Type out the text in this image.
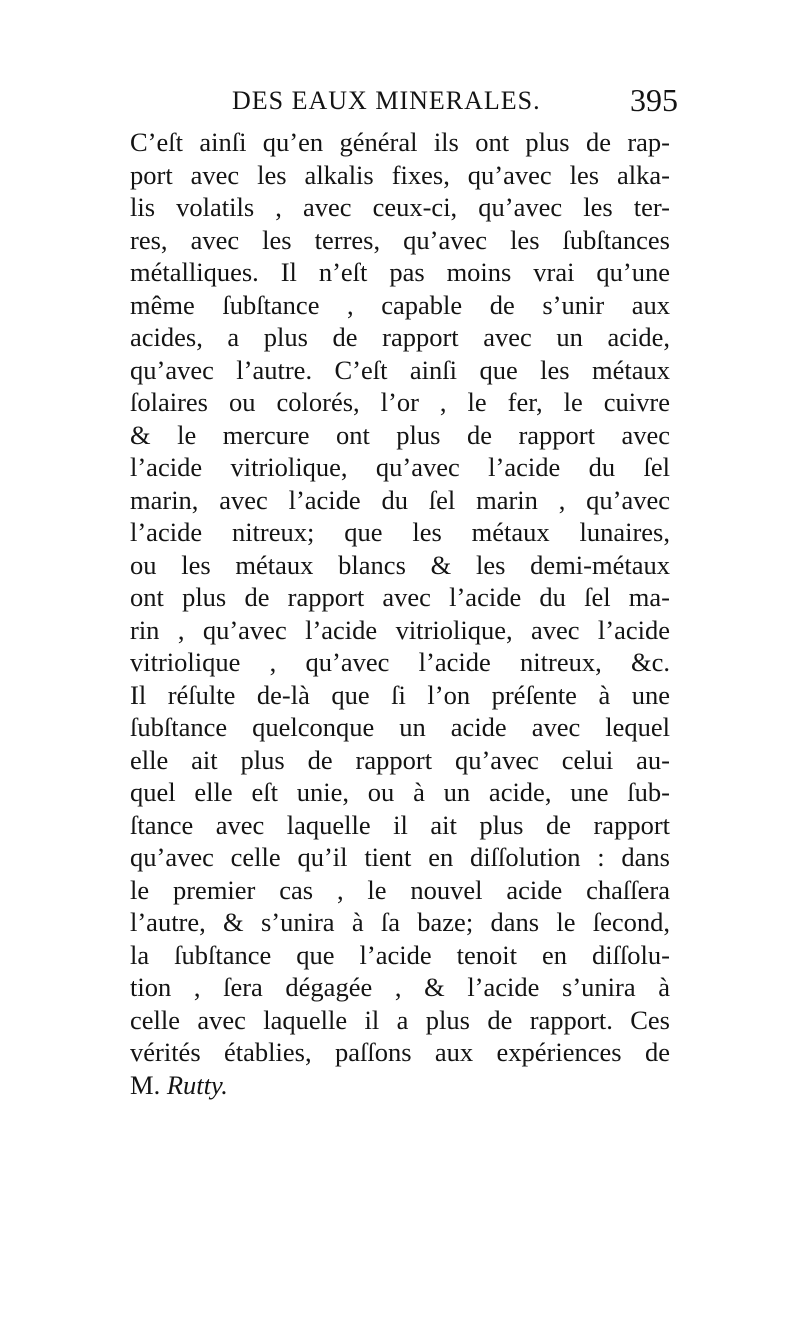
DES EAUX MINERALES.	395
C’eſt ainſi qu’en général ils ont plus de rap-
port avec les alkalis fixes, qu’avec les alka-
lis volatils , avec ceux-ci, qu’avec les ter-
res, avec les terres, qu’avec les ſubſtances
métalliques. Il n’eſt pas moins vrai qu’une
même ſubſtance , capable de s’unir aux
acides, a plus de rapport avec un acide,
qu’avec l’autre. C’eſt ainſi que les métaux
ſolaires ou colorés, l’or , le fer, le cuivre
& le mercure ont plus de rapport avec
l’acide vitriolique, qu’avec l’acide du ſel
marin, avec l’acide du ſel marin , qu’avec
l’acide nitreux; que les métaux lunaires,
ou les métaux blancs & les demi-métaux
ont plus de rapport avec l’acide du ſel ma-
rin , qu’avec l’acide vitriolique, avec l’acide
vitriolique , qu’avec l’acide nitreux, &c.
Il réſulte de-là que ſi l’on préſente à une
ſubſtance quelconque un acide avec lequel
elle ait plus de rapport qu’avec celui au-
quel elle eſt unie, ou à un acide, une ſub-
ſtance avec laquelle il ait plus de rapport
qu’avec celle qu’il tient en diſſolution : dans
le premier cas , le nouvel acide chaſſera
l’autre, & s’unira à ſa baze; dans le ſecond,
la ſubſtance que l’acide tenoit en diſſolu-
tion , ſera dégagée , & l’acide s’unira à
celle avec laquelle il a plus de rapport. Ces
vérités établies, paſſons aux expériences de
M. Rutty.
